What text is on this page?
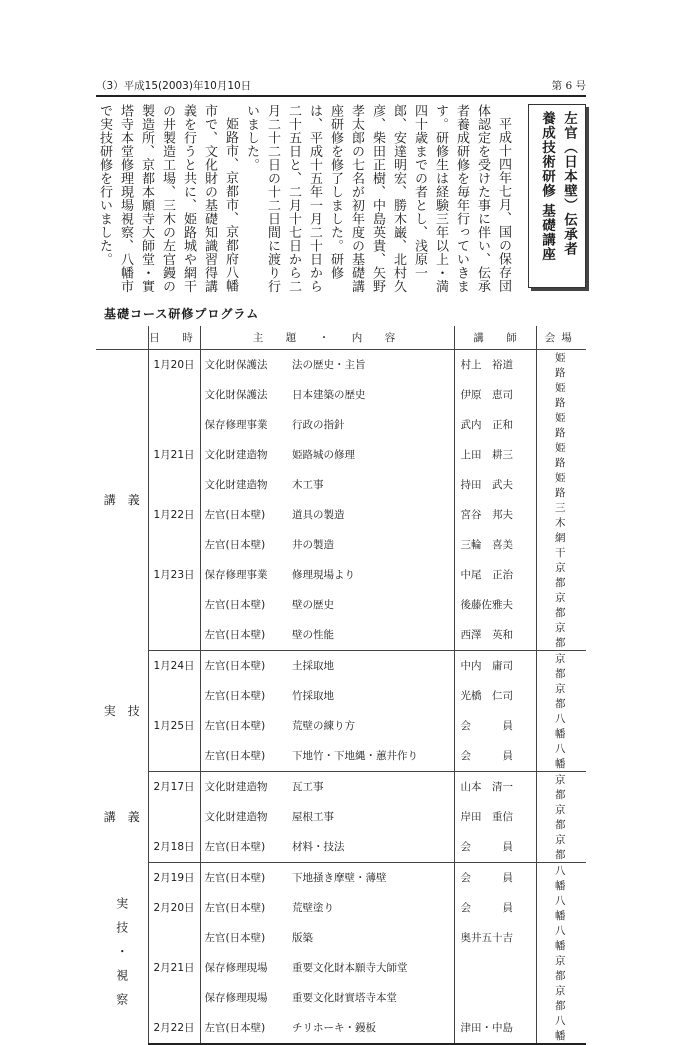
（3）平成15(2003)年10月10日	第 6 号
左官（日本壁）伝承者
養成技術研修 基礎講座

平成十四年七月、国の保存団体認定を受けた事に伴い、伝承者養成研修を毎年行っていきます。研修生は経験三年以上・満四十歳までの者とし、浅原一郎、安達明宏、勝木巌、北村久彦、柴田正樹、中島英貴、矢野孝太郎の七名が初年度の基礎講座研修を修了しました。研修は、平成十五年一月二十日から二十五日と、二月十七日から二月二十二日の十二日間に渡り行いました。

姫路市、京都市、京都府八幡市で、文化財の基礎知識習得講義を行うと共に、姫路城や網干の井製造工場、三木の左官鏝の製造所、京都本願寺大師堂・實塔寺本堂修理現場視察、八幡市で実技研修を行いました。

基礎コース研修プログラム
	日　時	主　題　・　内　容		講　師	会場
講　義	1月20日	文化財保護法	法の歴史・主旨	村上　裕道	姫路
		文化財保護法	日本建築の歴史	伊原　恵司	姫路
		保存修理事業	行政の指針	武内　正和	姫路
	1月21日	文化財建造物	姫路城の修理	上田　耕三	姫路
		文化財建造物	木工事	持田　武夫	姫路
	1月22日	左官(日本壁)	道具の製造	宮谷　邦夫	三木
		左官(日本壁)	井の製造	三輪　喜美	網干
	1月23日	保存修理事業	修理現場より	中尾　正治	京都
		左官(日本壁)	壁の歴史	後藤佐雅夫	京都
		左官(日本壁)	壁の性能	西澤　英和	京都
実　技	1月24日	左官(日本壁)	土採取地	中内　庸司	京都
		左官(日本壁)	竹採取地	光橋　仁司	京都
	1月25日	左官(日本壁)	荒壁の練り方	会　　　員	八幡
		左官(日本壁)	下地竹・下地縄・蕙井作り	会　　　員	八幡
講　義	2月17日	文化財建造物	瓦工事	山本　清一	京都
		文化財建造物	屋根工事	岸田　重信	京都
	2月18日	左官(日本壁)	材料・技法	会　　　員	京都
実　技　・　視　察	2月19日	左官(日本壁)	下地掻き摩壁・薄壁	会　　　員	八幡
	2月20日	左官(日本壁)	荒壁塗り	会　　　員	八幡
		左官(日本壁)	版築	奥井五十吉	八幡
	2月21日	保存修理現場	重要文化財本願寺大師堂		京都
		保存修理現場	重要文化財實塔寺本堂		京都
	2月22日	左官(日本壁)	チリホーキ・鏝板	津田・中島	八幡
